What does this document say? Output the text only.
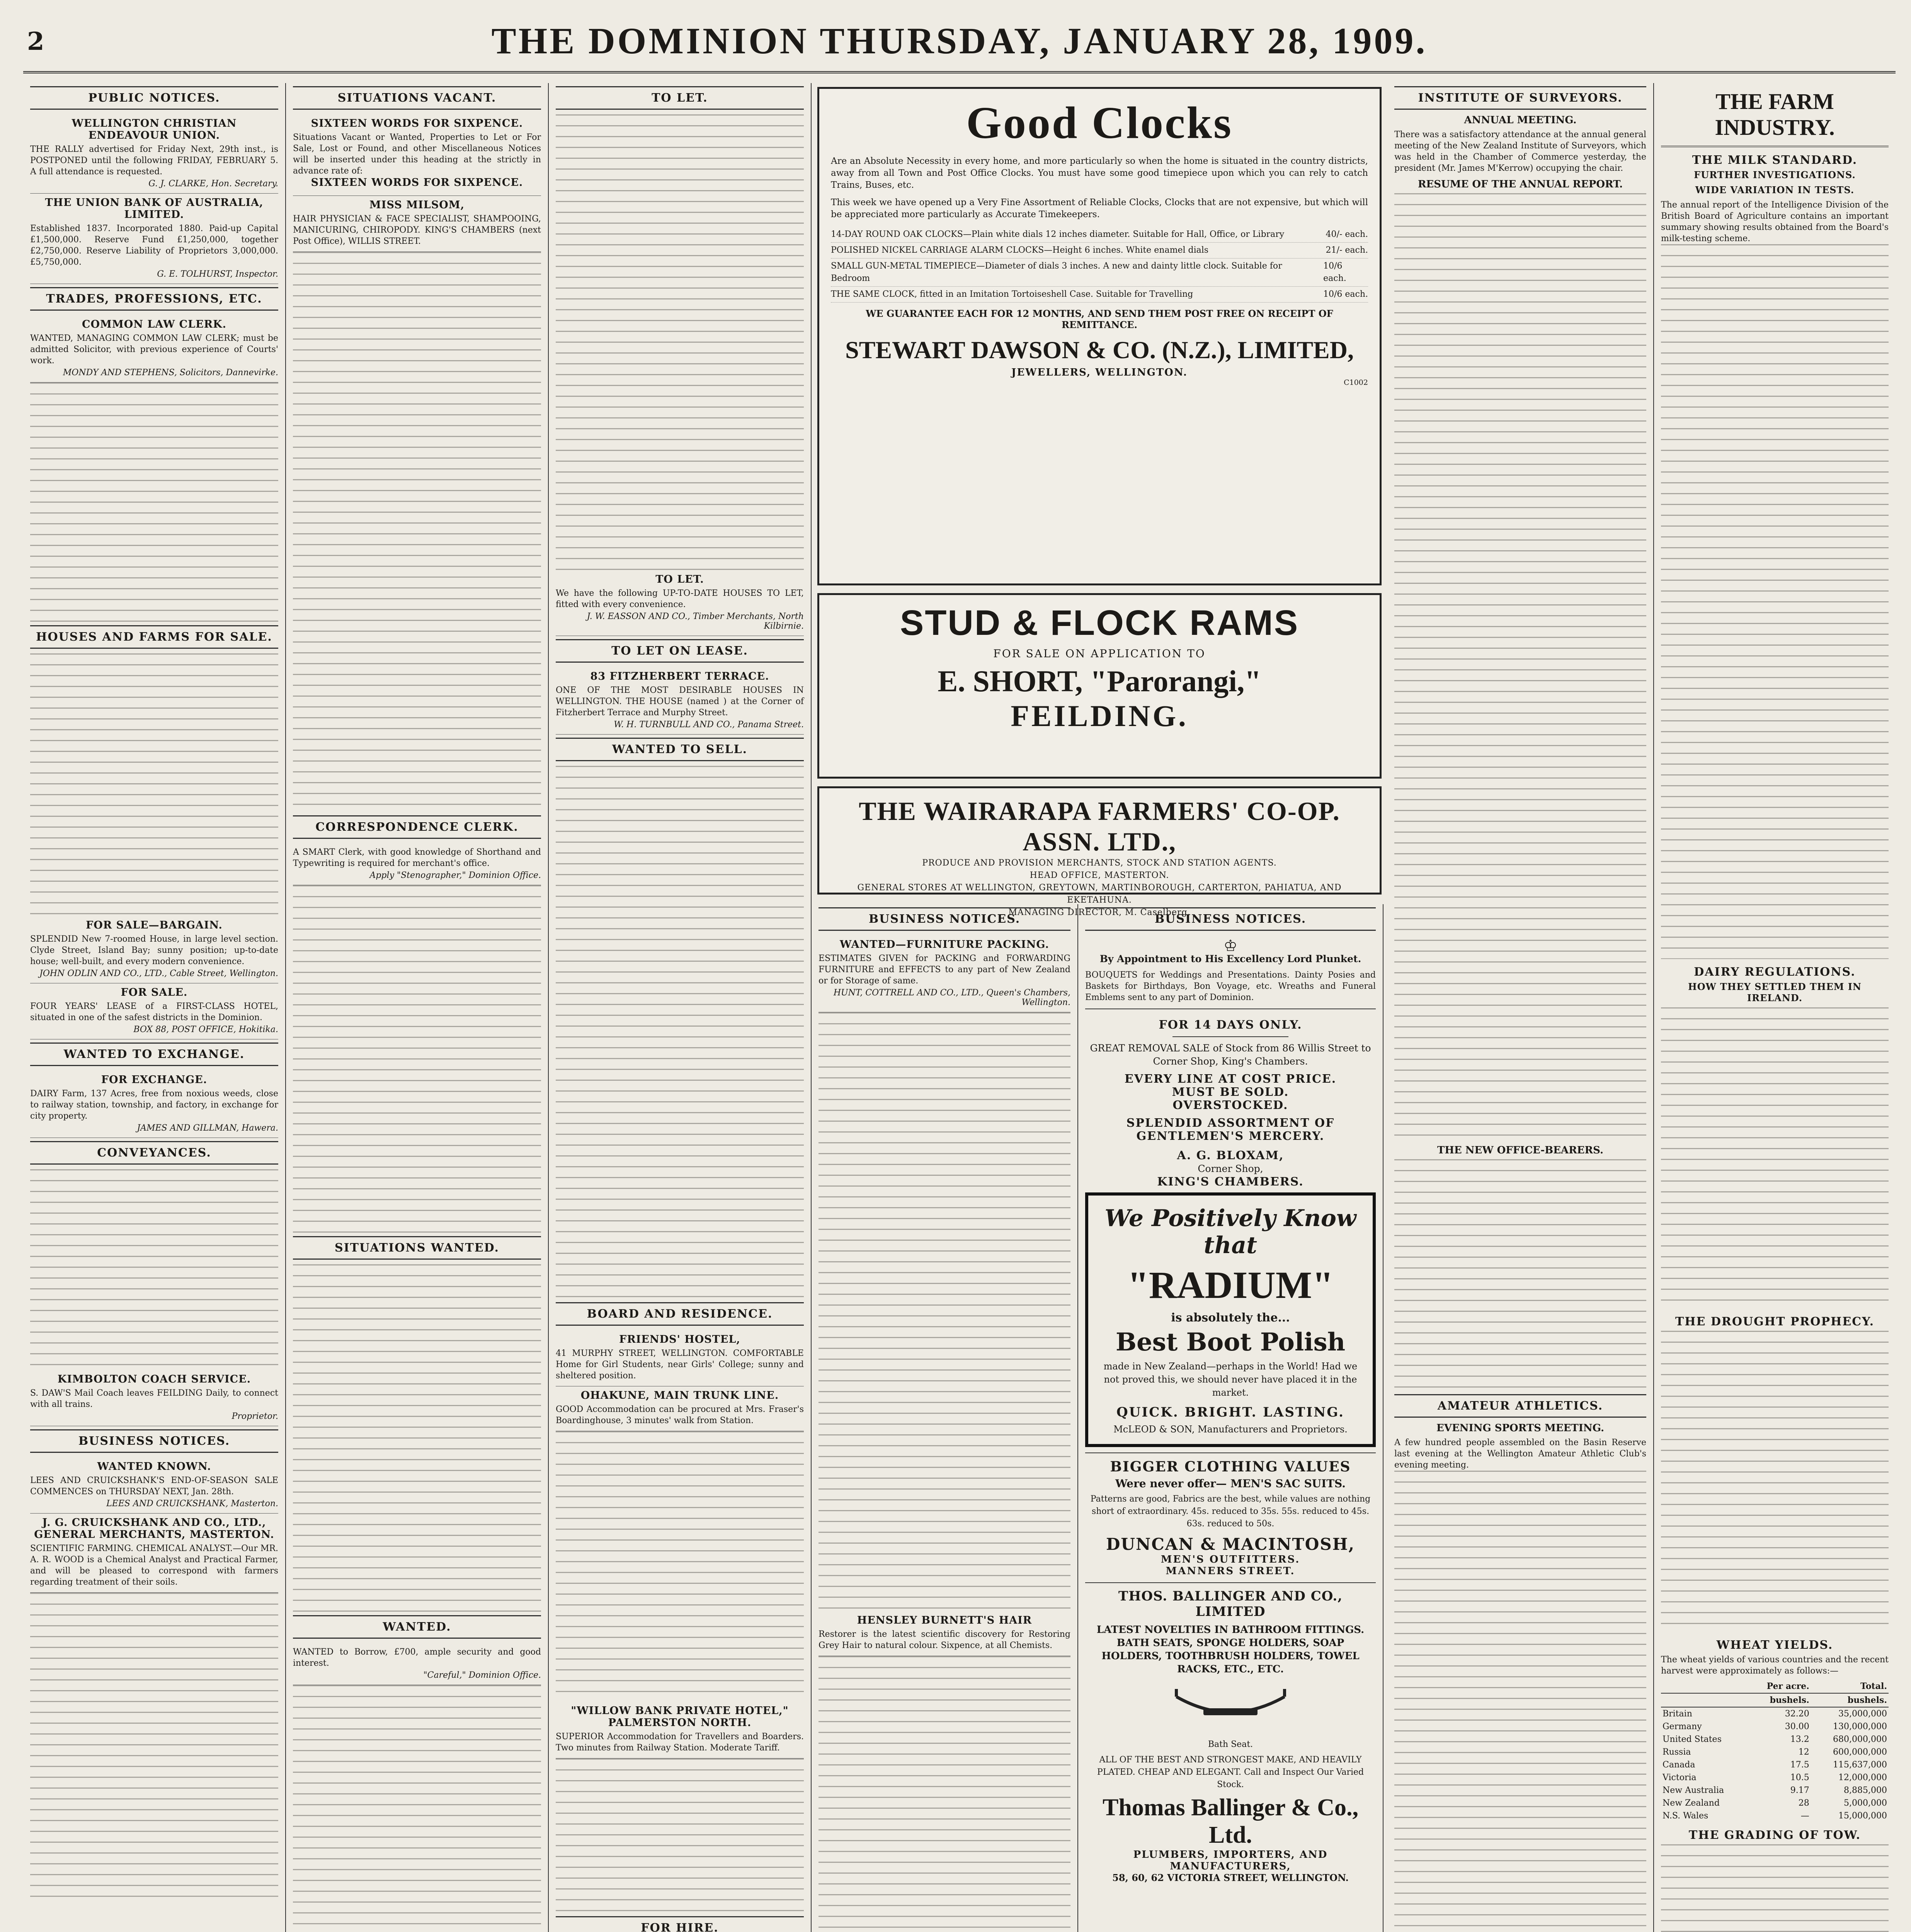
2	THE DOMINION THURSDAY, JANUARY 28, 1909.
PUBLIC NOTICES.
WELLINGTON CHRISTIAN ENDEAVOUR UNION.
THE RALLY advertised for Friday Next, 29th inst., is POSTPONED until the following FRIDAY, FEBRUARY 5. A full attendance is requested.
G. J. CLARKE, Hon. Secretary.
THE UNION BANK OF AUSTRALIA, LIMITED.
Established 1837. Incorporated 1880. Paid-up Capital £1,500,000. Reserve Fund £1,250,000, together £2,750,000. Reserve Liability of Proprietors 3,000,000. £5,750,000.
G. E. TOLHURST, Inspector.
TRADES, PROFESSIONS, ETC.
COMMON LAW CLERK.
WANTED, MANAGING COMMON LAW CLERK; must be admitted Solicitor, with previous experience of Courts' work.
MONDY AND STEPHENS, Solicitors, Dannevirke.
HOUSES AND FARMS FOR SALE.
FOR SALE—BARGAIN.
SPLENDID New 7-roomed House, in large level section. Clyde Street, Island Bay; sunny position; up-to-date house; well-built, and every modern convenience.
JOHN ODLIN AND CO., LTD., Cable Street, Wellington.
FOR SALE.
FOUR YEARS' LEASE of a FIRST-CLASS HOTEL, situated in one of the safest districts in the Dominion.
BOX 88, POST OFFICE, Hokitika.
WANTED TO EXCHANGE.
FOR EXCHANGE.
DAIRY Farm, 137 Acres, free from noxious weeds, close to railway station, township, and factory, in exchange for city property.
JAMES AND GILLMAN, Hawera.
CONVEYANCES.
KIMBOLTON COACH SERVICE.
S. DAW'S Mail Coach leaves FEILDING Daily, to connect with all trains.
Proprietor.
BUSINESS NOTICES.
WANTED KNOWN.
LEES AND CRUICKSHANK'S END-OF-SEASON SALE COMMENCES on THURSDAY NEXT, Jan. 28th.
LEES AND CRUICKSHANK, Masterton.
J. G. CRUICKSHANK AND CO., LTD., GENERAL MERCHANTS, MASTERTON.
SCIENTIFIC FARMING. CHEMICAL ANALYST.—Our MR. A. R. WOOD is a Chemical Analyst and Practical Farmer, and will be pleased to correspond with farmers regarding treatment of their soils.
SITUATIONS VACANT.
SIXTEEN WORDS FOR SIXPENCE.
Situations Vacant or Wanted, Properties to Let or For Sale, Lost or Found, and other Miscellaneous Notices will be inserted under this heading at the strictly in advance rate of:
SIXTEEN WORDS FOR SIXPENCE.
MISS MILSOM,
HAIR PHYSICIAN & FACE SPECIALIST, SHAMPOOING, MANICURING, CHIROPODY. KING'S CHAMBERS (next Post Office), WILLIS STREET.
CORRESPONDENCE CLERK.
A SMART Clerk, with good knowledge of Shorthand and Typewriting is required for merchant's office.
Apply "Stenographer," Dominion Office.
SITUATIONS WANTED.
WANTED.
WANTED to Borrow, £700, ample security and good interest.
"Careful," Dominion Office.
TO LET.
TO LET.
We have the following UP-TO-DATE HOUSES TO LET, fitted with every convenience.
J. W. EASSON AND CO., Timber Merchants, North Kilbirnie.
TO LET ON LEASE.
83 FITZHERBERT TERRACE.
ONE OF THE MOST DESIRABLE HOUSES IN WELLINGTON. THE HOUSE (named ) at the Corner of Fitzherbert Terrace and Murphy Street.
W. H. TURNBULL AND CO., Panama Street.
WANTED TO SELL.
BOARD AND RESIDENCE.
FRIENDS' HOSTEL,
41 MURPHY STREET, WELLINGTON. COMFORTABLE Home for Girl Students, near Girls' College; sunny and sheltered position.
OHAKUNE, MAIN TRUNK LINE.
GOOD Accommodation can be procured at Mrs. Fraser's Boardinghouse, 3 minutes' walk from Station.
"WILLOW BANK PRIVATE HOTEL," PALMERSTON NORTH.
SUPERIOR Accommodation for Travellers and Boarders. Two minutes from Railway Station. Moderate Tariff.
FOR HIRE.
Good Clocks
Are an Absolute Necessity in every home, and more particularly so when the home is situated in the country districts, away from all Town and Post Office Clocks. You must have some good timepiece upon which you can rely to catch Trains, Buses, etc.
This week we have opened up a Very Fine Assortment of Reliable Clocks, Clocks that are not expensive, but which will be appreciated more particularly as Accurate Timekeepers.
14-DAY ROUND OAK CLOCKS—Plain white dials 12 inches diameter. Suitable for Hall, Office, or Library	40/- each.
POLISHED NICKEL CARRIAGE ALARM CLOCKS—Height 6 inches. White enamel dials	21/- each.
SMALL GUN-METAL TIMEPIECE—Diameter of dials 3 inches. A new and dainty little clock. Suitable for Bedroom
10/6 each.
THE SAME CLOCK, fitted in an Imitation Tortoiseshell Case. Suitable for Travelling	10/6 each.
WE GUARANTEE EACH FOR 12 MONTHS, AND SEND THEM POST FREE ON RECEIPT OF REMITTANCE.
STEWART DAWSON & CO. (N.Z.), LIMITED,
JEWELLERS, WELLINGTON.
C1002
STUD & FLOCK RAMS
FOR SALE ON APPLICATION TO
E. SHORT, "Parorangi,"
FEILDING.
THE WAIRARAPA FARMERS' CO-OP. ASSN. LTD.,
PRODUCE AND PROVISION MERCHANTS, STOCK AND STATION AGENTS.
HEAD OFFICE, MASTERTON.
GENERAL STORES AT WELLINGTON, GREYTOWN, MARTINBOROUGH, CARTERTON, PAHIATUA, AND EKETAHUNA.
MANAGING DIRECTOR, M. Caselberg.
BUSINESS NOTICES.
WANTED—FURNITURE PACKING.
ESTIMATES GIVEN for PACKING and FORWARDING FURNITURE and EFFECTS to any part of New Zealand or for Storage of same.
HUNT, COTTRELL AND CO., LTD., Queen's Chambers, Wellington.
HENSLEY BURNETT'S HAIR
Restorer is the latest scientific discovery for Restoring Grey Hair to natural colour. Sixpence, at all Chemists.
BUSINESS NOTICES.
♔
By Appointment to His Excellency Lord Plunket.
BOUQUETS for Weddings and Presentations. Dainty Posies and Baskets for Birthdays, Bon Voyage, etc. Wreaths and Funeral Emblems sent to any part of Dominion.
FOR 14 DAYS ONLY.
GREAT REMOVAL SALE of Stock from 86 Willis Street to Corner Shop, King's Chambers.
EVERY LINE AT COST PRICE.
MUST BE SOLD.
OVERSTOCKED.
SPLENDID ASSORTMENT OF GENTLEMEN'S MERCERY.
A. G. BLOXAM,
Corner Shop,
KING'S CHAMBERS.
We Positively Know that
"RADIUM"
is absolutely the...
Best Boot Polish
made in New Zealand—perhaps in the World! Had we not proved this, we should never have placed it in the market.
QUICK. BRIGHT. LASTING.
McLEOD & SON, Manufacturers and Proprietors.
BIGGER CLOTHING VALUES
Were never offer— MEN'S SAC SUITS.
Patterns are good, Fabrics are the best, while values are nothing short of extraordinary. 45s. reduced to 35s. 55s. reduced to 45s. 63s. reduced to 50s.
DUNCAN & MACINTOSH,
MEN'S OUTFITTERS.
MANNERS STREET.
THOS. BALLINGER AND CO., LIMITED
LATEST NOVELTIES IN BATHROOM FITTINGS. BATH SEATS, SPONGE HOLDERS, SOAP HOLDERS, TOOTHBRUSH HOLDERS, TOWEL RACKS, ETC., ETC.
Bath Seat.
ALL OF THE BEST AND STRONGEST MAKE, AND HEAVILY PLATED. CHEAP AND ELEGANT. Call and Inspect Our Varied Stock.
Thomas Ballinger & Co., Ltd.
PLUMBERS, IMPORTERS, AND MANUFACTURERS,
58, 60, 62 VICTORIA STREET, WELLINGTON.
INSTITUTE OF SURVEYORS.
ANNUAL MEETING.
There was a satisfactory attendance at the annual general meeting of the New Zealand Institute of Surveyors, which was held in the Chamber of Commerce yesterday, the president (Mr. James M'Kerrow) occupying the chair.
RESUME OF THE ANNUAL REPORT.
THE NEW OFFICE-BEARERS.
AMATEUR ATHLETICS.
EVENING SPORTS MEETING.
A few hundred people assembled on the Basin Reserve last evening at the Wellington Amateur Athletic Club's evening meeting.
THE FARM INDUSTRY.
THE MILK STANDARD.
FURTHER INVESTIGATIONS.
WIDE VARIATION IN TESTS.
The annual report of the Intelligence Division of the British Board of Agriculture contains an important summary showing results obtained from the Board's milk-testing scheme.
DAIRY REGULATIONS.
HOW THEY SETTLED THEM IN IRELAND.
THE DROUGHT PROPHECY.
WHEAT YIELDS.
The wheat yields of various countries and the recent harvest were approximately as follows:—
	Per acre.	Total.
	bushels.	bushels.
Britain	32.20	35,000,000
Germany	30.00	130,000,000
United States	13.2	680,000,000
Russia	12	600,000,000
Canada	17.5	115,637,000
Victoria	10.5	12,000,000
New Australia	9.17	8,885,000
New Zealand	28	5,000,000
N.S. Wales	—	15,000,000
THE GRADING OF TOW.
